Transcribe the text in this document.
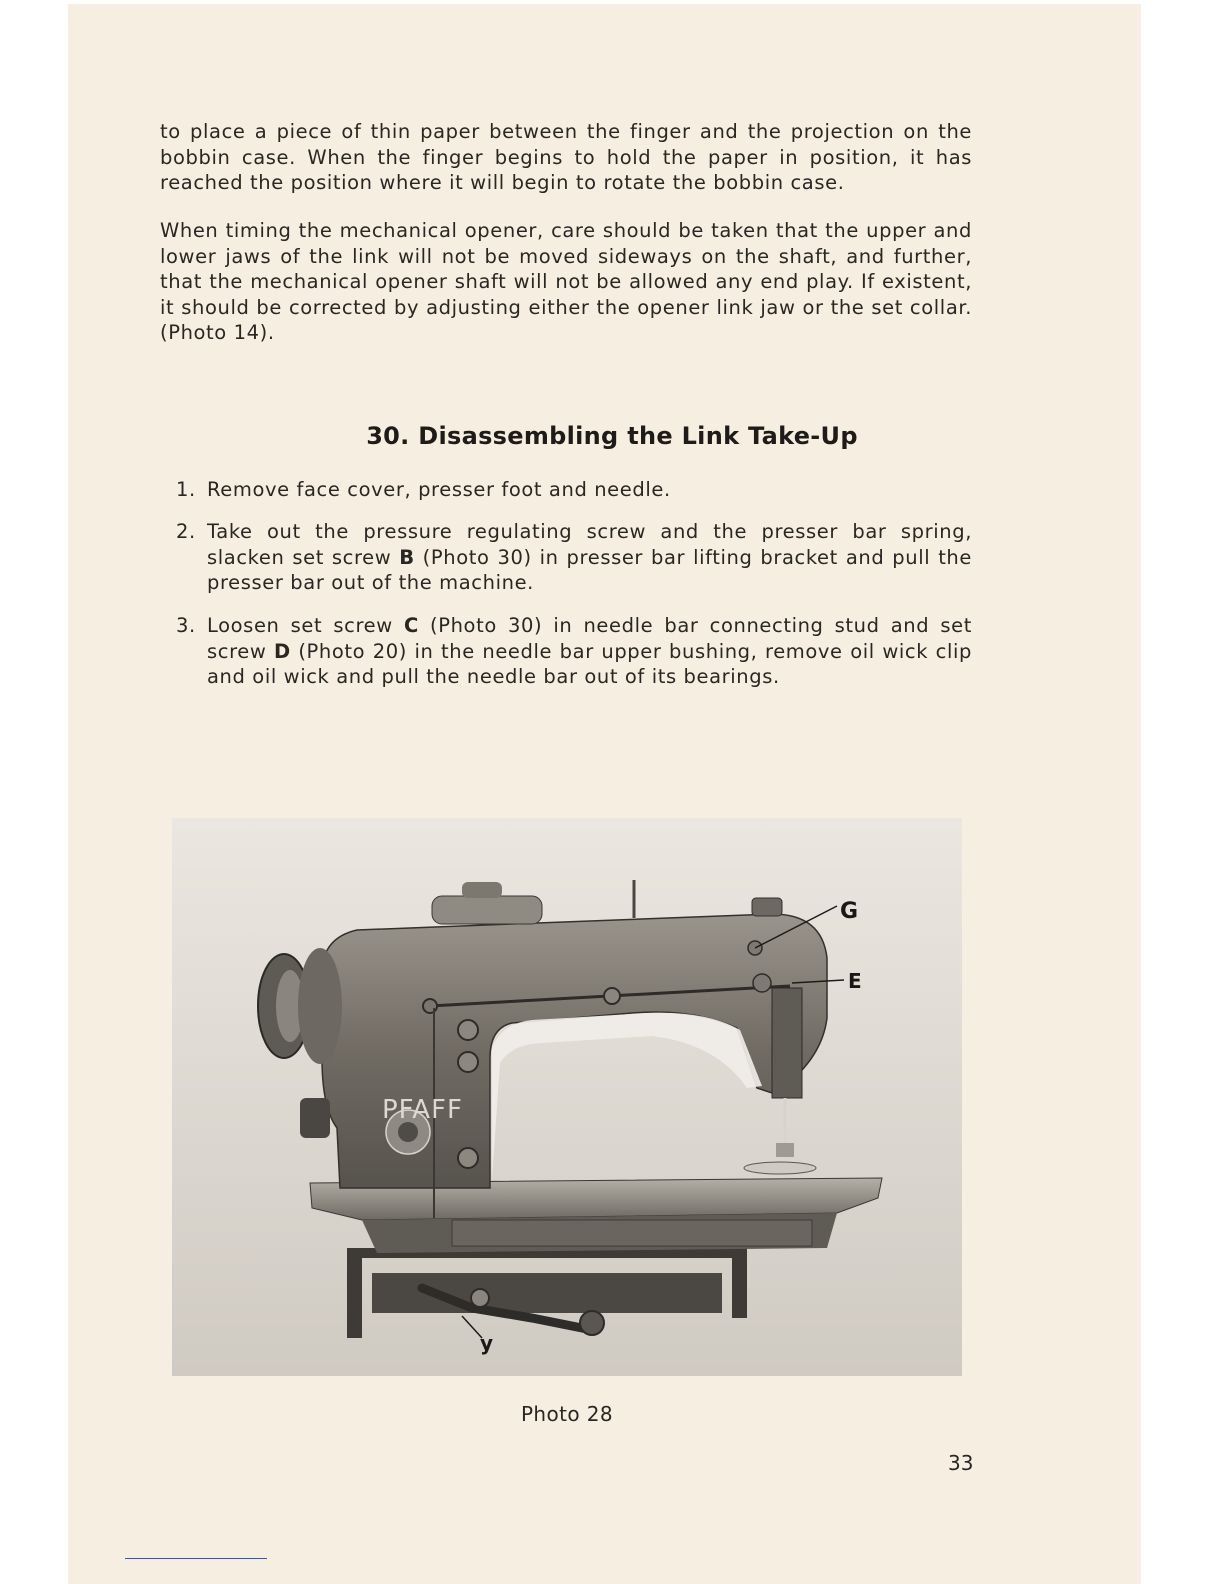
to place a piece of thin paper between the finger and the projection on the bobbin case. When the finger begins to hold the paper in position, it has reached the position where it will begin to rotate the bobbin case.

When timing the mechanical opener, care should be taken that the upper and lower jaws of the link will not be moved sideways on the shaft, and further, that the mechanical opener shaft will not be allowed any end play. If existent, it should be corrected by adjusting either the opener link jaw or the set collar. (Photo 14).

30. Disassembling the Link Take-Up
1. Remove face cover, presser foot and needle.
2. Take out the pressure regulating screw and the presser bar spring, slacken set screw B (Photo 30) in presser bar lifting bracket and pull the presser bar out of the machine.
3. Loosen set screw C (Photo 30) in needle bar connecting stud and set screw D (Photo 20) in the needle bar upper bushing, remove oil wick clip and oil wick and pull the needle bar out of its bearings.
PFAFF
G
E
y
Photo 28
33
